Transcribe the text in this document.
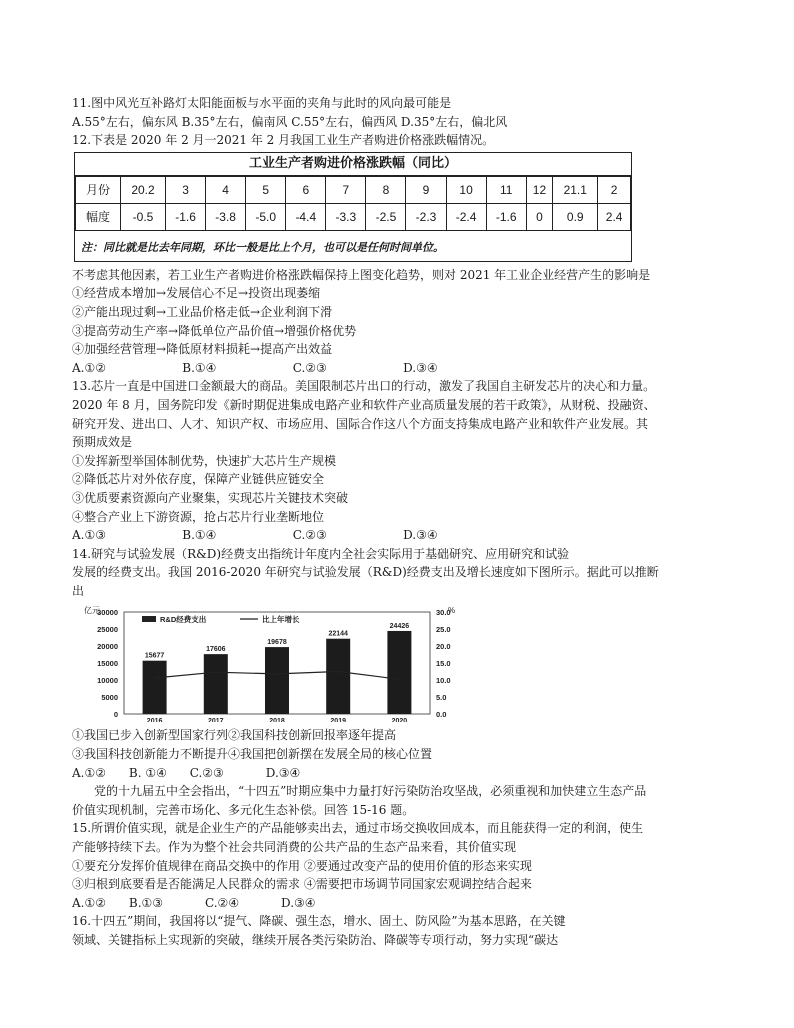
11.图中风光互补路灯太阳能面板与水平面的夹角与此时的风向最可能是
A.55°左右，偏东风 B.35°左右，偏南风 C.55°左右，偏西风 D.35°左右，偏北风
12.下表是 2020 年 2 月一2021 年 2 月我国工业生产者购进价格涨跌幅情况。
工业生产者购进价格涨跌幅（同比）
月份	20.2	3	4	5	6	7	8	9	10	11	12	21.1	2
幅度	-0.5	-1.6	-3.8	-5.0	-4.4	-3.3	-2.5	-2.3	-2.4	-1.6	0	0.9	2.4
注：同比就是比去年同期，环比一般是比上个月，也可以是任何时间单位。
不考虑其他因素，若工业生产者购进价格涨跌幅保持上图变化趋势，则对 2021 年工业企业经营产生的影响是
①经营成本增加→发展信心不足→投资出现萎缩
②产能出现过剩→工业品价格走低→企业利润下滑
③提高劳动生产率→降低单位产品价值→增强价格优势
④加强经营管理→降低原材料损耗→提高产出效益
A.①②                    B.①④                    C.②③                    D.③④
13.芯片一直是中国进口金额最大的商品。美国限制芯片出口的行动，激发了我国自主研发芯片的决心和力量。
2020 年 8 月，国务院印发《新时期促进集成电路产业和软件产业高质量发展的若干政策》，从财税、投融资、
研究开发、进出口、人才、知识产权、市场应用、国际合作这八个方面支持集成电路产业和软件产业发展。其
预期成效是
①发挥新型举国体制优势，快速扩大芯片生产规模
②降低芯片对外依存度，保障产业链供应链安全
③优质要素资源向产业聚集，实现芯片关键技术突破
④整合产业上下游资源，抢占芯片行业垄断地位
A.①③                    B.①④                    C.②③                    D.③④
14.研究与试验发展（R&D)经费支出指统计年度内全社会实际用于基础研究、应用研究和试验
发展的经费支出。我国 2016-2020 年研究与试验发展（R&D)经费支出及增长速度如下图所示。据此可以推断
出
亿元	%
R&D经费支出	比上年增长
30000
25000
20000
15000
10000
5000
0
30.0
25.0
20.0
15.0
10.0
5.0
0.0
15677
17606
19678
22144
24426
2016	2017	2018	2019	2020
①我国已步入创新型国家行列②我国科技创新回报率逐年提高
③我国科技创新能力不断提升④我国把创新摆在发展全局的核心位置
A.①②      B. ①④      C.②③           D.③④
党的十九届五中全会指出，“十四五”时期应集中力量打好污染防治攻坚战，必须重视和加快建立生态产品
价值实现机制，完善市场化、多元化生态补偿。回答 15-16 题。
15.所谓价值实现，就是企业生产的产品能够卖出去，通过市场交换收回成本，而且能获得一定的利润，使生
产能够持续下去。作为为整个社会共同消费的公共产品的生态产品来看，其价值实现
①要充分发挥价值规律在商品交换中的作用 ②要通过改变产品的使用价值的形态来实现
③归根到底要看是否能满足人民群众的需求 ④需要把市场调节同国家宏观调控结合起来
A.①②      B.①③           C.②④           D.③④
16.十四五”期间，我国将以“提气、降碳、强生态，增水、固土、防风险”为基本思路，在关键
领域、关键指标上实现新的突破，继续开展各类污染防治、降碳等专项行动，努力实现“碳达
